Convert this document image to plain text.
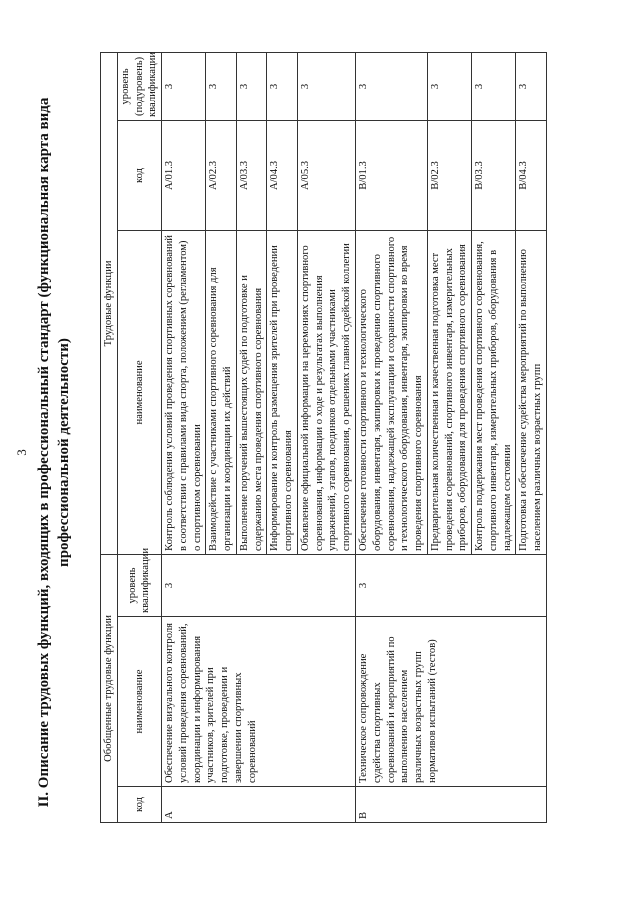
3 II. Описание трудовых функций, входящих в профессиональный стандарт (функциональная карта вида профессиональной деятельности)
Обобщенные трудовые функции			Трудовые функции		
код	наименование	уровень квалификации	наименование	код	уровень (подуровень) квалификации
А	Обеспечение визуального контроля условий проведения соревнований, координации и информирования участников, зрителей при подготовке, проведении и завершении спортивных соревнований	3	Контроль соблюдения условий проведения спортивных соревнований в соответствии с правилами вида спорта, положением (регламентом) о спортивном соревновании	А/01.3	3
			Взаимодействие с участниками спортивного соревнования для организации и координации их действий	А/02.3	3
			Выполнение поручений вышестоящих судей по подготовке и содержанию места проведения спортивного соревнования	А/03.3	3
			Информирование и контроль размещения зрителей при проведении спортивного соревнования	А/04.3	3
			Объявление официальной информации на церемониях спортивного соревнования, информации о ходе и результатах выполнения упражнений, этапов, поединков отдельными участниками спортивного соревнования, о решениях главной судейской коллегии	А/05.3	3
В	Техническое сопровождение судейства спортивных соревнований и мероприятий по выполнению населением различных возрастных групп нормативов испытаний (тестов)	3	Обеспечение готовности спортивного и технологического оборудования, инвентаря, экипировки к проведению спортивного соревнования, надлежащей эксплуатации и сохранности спортивного и технологического оборудования, инвентаря, экипировки во время проведения спортивного соревнования	В/01.3	3
			Предварительная количественная и качественная подготовка мест проведения соревнований, спортивного инвентаря, измерительных приборов, оборудования для проведения спортивного соревнования	В/02.3	3
			Контроль поддержания мест проведения спортивного соревнования, спортивного инвентаря, измерительных приборов, оборудования в надлежащем состоянии	В/03.3	3
			Подготовка и обеспечение судейства мероприятий по выполнению населением различных возрастных групп	В/04.3	3
